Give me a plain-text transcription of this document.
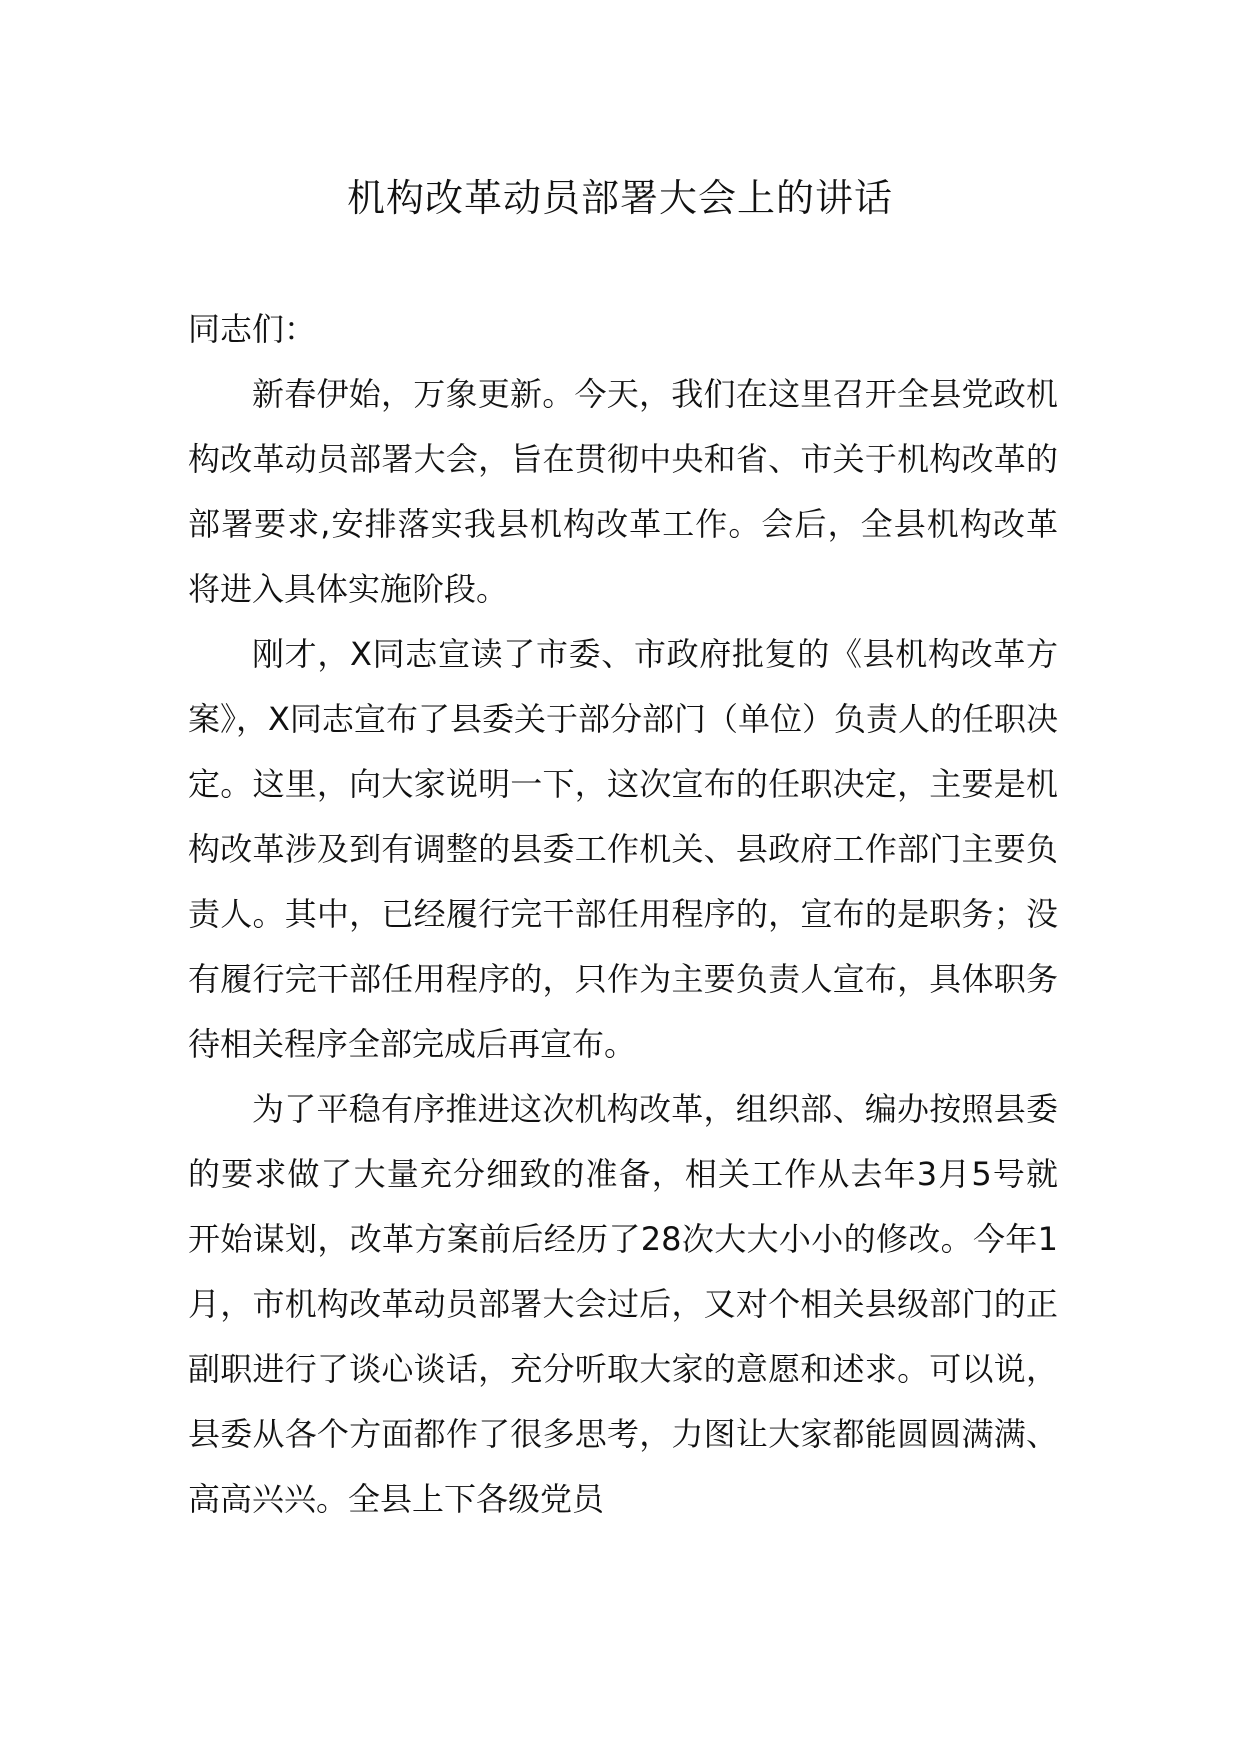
机构改革动员部署大会上的讲话

同志们：

新春伊始，万象更新。今天，我们在这里召开全县党政机构改革动员部署大会，旨在贯彻中央和省、市关于机构改革的部署要求,安排落实我县机构改革工作。会后，全县机构改革将进入具体实施阶段。

刚才，X同志宣读了市委、市政府批复的《县机构改革方案》，X同志宣布了县委关于部分部门（单位）负责人的任职决定。这里，向大家说明一下，这次宣布的任职决定，主要是机构改革涉及到有调整的县委工作机关、县政府工作部门主要负责人。其中，已经履行完干部任用程序的，宣布的是职务；没有履行完干部任用程序的，只作为主要负责人宣布，具体职务待相关程序全部完成后再宣布。

为了平稳有序推进这次机构改革，组织部、编办按照县委的要求做了大量充分细致的准备，相关工作从去年3月5号就开始谋划，改革方案前后经历了28次大大小小的修改。今年1月，市机构改革动员部署大会过后，又对个相关县级部门的正副职进行了谈心谈话，充分听取大家的意愿和述求。可以说，县委从各个方面都作了很多思考，力图让大家都能圆圆满满、高高兴兴。全县上下各级党员
